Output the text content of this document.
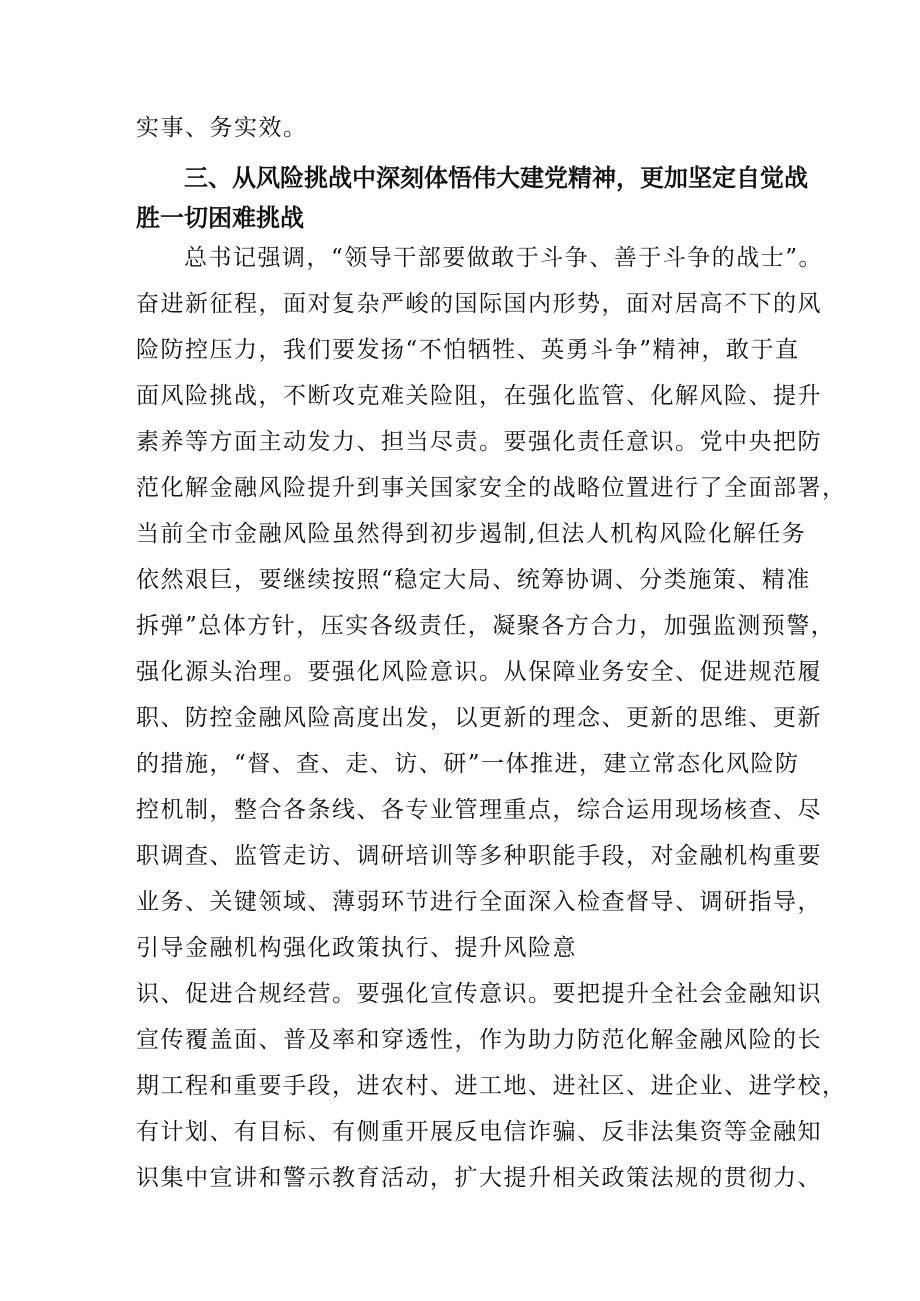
实事、务实效。
三、从风险挑战中深刻体悟伟大建党精神，更加坚定自觉战
胜一切困难挑战
总书记强调，“领导干部要做敢于斗争、善于斗争的战士”。
奋进新征程，面对复杂严峻的国际国内形势，面对居高不下的风
险防控压力，我们要发扬“不怕牺牲、英勇斗争”精神，敢于直
面风险挑战，不断攻克难关险阻，在强化监管、化解风险、提升
素养等方面主动发力、担当尽责。要强化责任意识。党中央把防
范化解金融风险提升到事关国家安全的战略位置进行了全面部署，
当前全市金融风险虽然得到初步遏制,但法人机构风险化解任务
依然艰巨，要继续按照“稳定大局、统筹协调、分类施策、精准
拆弹”总体方针，压实各级责任，凝聚各方合力，加强监测预警，
强化源头治理。要强化风险意识。从保障业务安全、促进规范履
职、防控金融风险高度出发，以更新的理念、更新的思维、更新
的措施，“督、查、走、访、研”一体推进，建立常态化风险防
控机制，整合各条线、各专业管理重点，综合运用现场核查、尽
职调查、监管走访、调研培训等多种职能手段，对金融机构重要
业务、关键领域、薄弱环节进行全面深入检查督导、调研指导，
引导金融机构强化政策执行、提升风险意
识、促进合规经营。要强化宣传意识。要把提升全社会金融知识
宣传覆盖面、普及率和穿透性，作为助力防范化解金融风险的长
期工程和重要手段，进农村、进工地、进社区、进企业、进学校，
有计划、有目标、有侧重开展反电信诈骗、反非法集资等金融知
识集中宣讲和警示教育活动，扩大提升相关政策法规的贯彻力、
